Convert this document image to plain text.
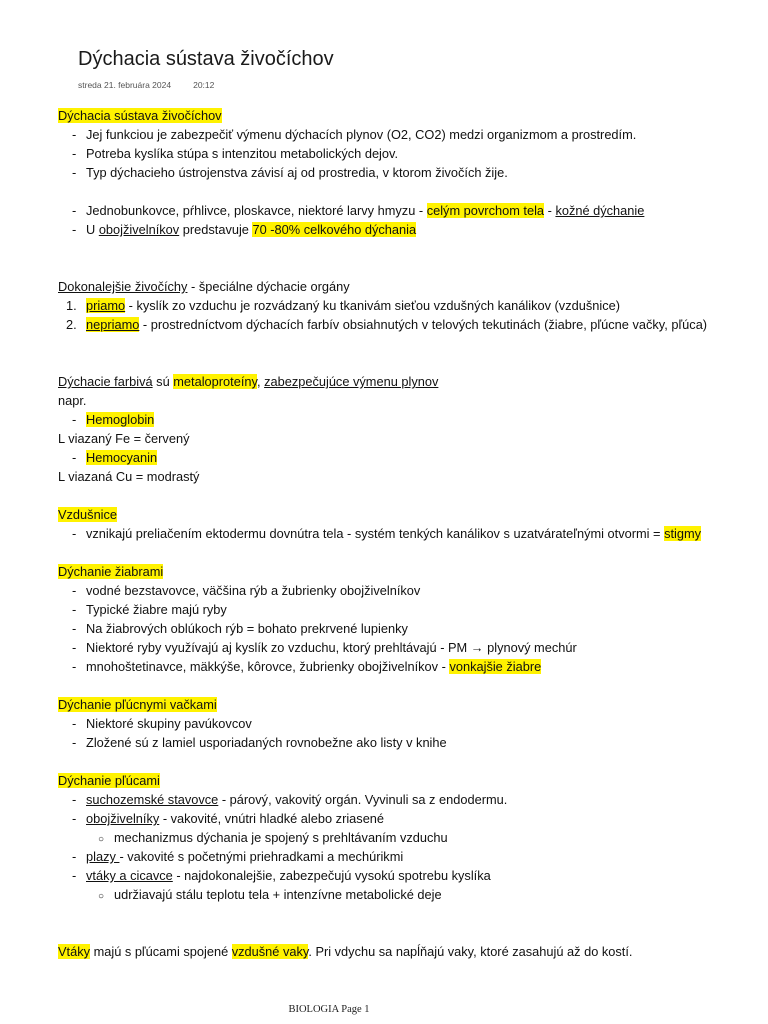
Dýchacia sústava živočíchov
streda 21. februára 2024	20:12
Dýchacia sústava živočíchov
- Jej funkciou je zabezpečiť výmenu dýchacích plynov (O2, CO2) medzi organizmom a prostredím.
- Potreba kyslíka stúpa s intenzitou metabolických dejov.
- Typ dýchacieho ústrojenstva závisí aj od prostredia, v ktorom živočích žije.
- Jednobunkovce, pŕhlivce, ploskavce, niektoré larvy hmyzu - celým povrchom tela - kožné dýchanie
- U obojživelníkov predstavuje 70 -80% celkového dýchania
Dokonalejšie živočíchy - špeciálne dýchacie orgány
1. priamo - kyslík zo vzduchu je rozvádzaný ku tkanivám sieťou vzdušných kanálikov (vzdušnice)
2. nepriamo - prostredníctvom dýchacích farbív obsiahnutých v telových tekutinách (žiabre, pľúcne vačky, pľúca)
Dýchacie farbivá sú metaloproteíny, zabezpečujúce výmenu plynov
napr.
- Hemoglobin
L viazaný Fe = červený
- Hemocyanin
L viazaná Cu = modrastý
Vzdušnice
- vznikajú preliačením ektodermu dovnútra tela - systém tenkých kanálikov s uzatvárateľnými otvormi = stigmy
Dýchanie žiabrami
- vodné bezstavovce, väčšina rýb a žubrienky obojživelníkov
- Typické žiabre majú ryby
- Na žiabrových oblúkoch rýb = bohato prekrvené lupienky
- Niektoré ryby využívajú aj kyslík zo vzduchu, ktorý prehltávajú - PM → plynový mechúr
- mnohoštetinavce, mäkkýše, kôrovce, žubrienky obojživelníkov - vonkajšie žiabre
Dýchanie pľúcnymi vačkami
- Niektoré skupiny pavúkovcov
- Zložené sú z lamiel usporiadaných rovnobežne ako listy v knihe
Dýchanie pľúcami
- suchozemské stavovce - párový, vakovitý orgán. Vyvinuli sa z endodermu.
- obojživelníky - vakovité, vnútri hladké alebo zriasené
○ mechanizmus dýchania je spojený s prehltávaním vzduchu
- plazy - vakovité s početnými priehradkami a mechúrikmi
- vtáky a cicavce - najdokonalejšie, zabezpečujú vysokú spotrebu kyslíka
○ udržiavajú stálu teplotu tela + intenzívne metabolické deje
Vtáky majú s pľúcami spojené vzdušné vaky. Pri vdychu sa napĺňajú vaky, ktoré zasahujú až do kostí.
BIOLOGIA Page 1
